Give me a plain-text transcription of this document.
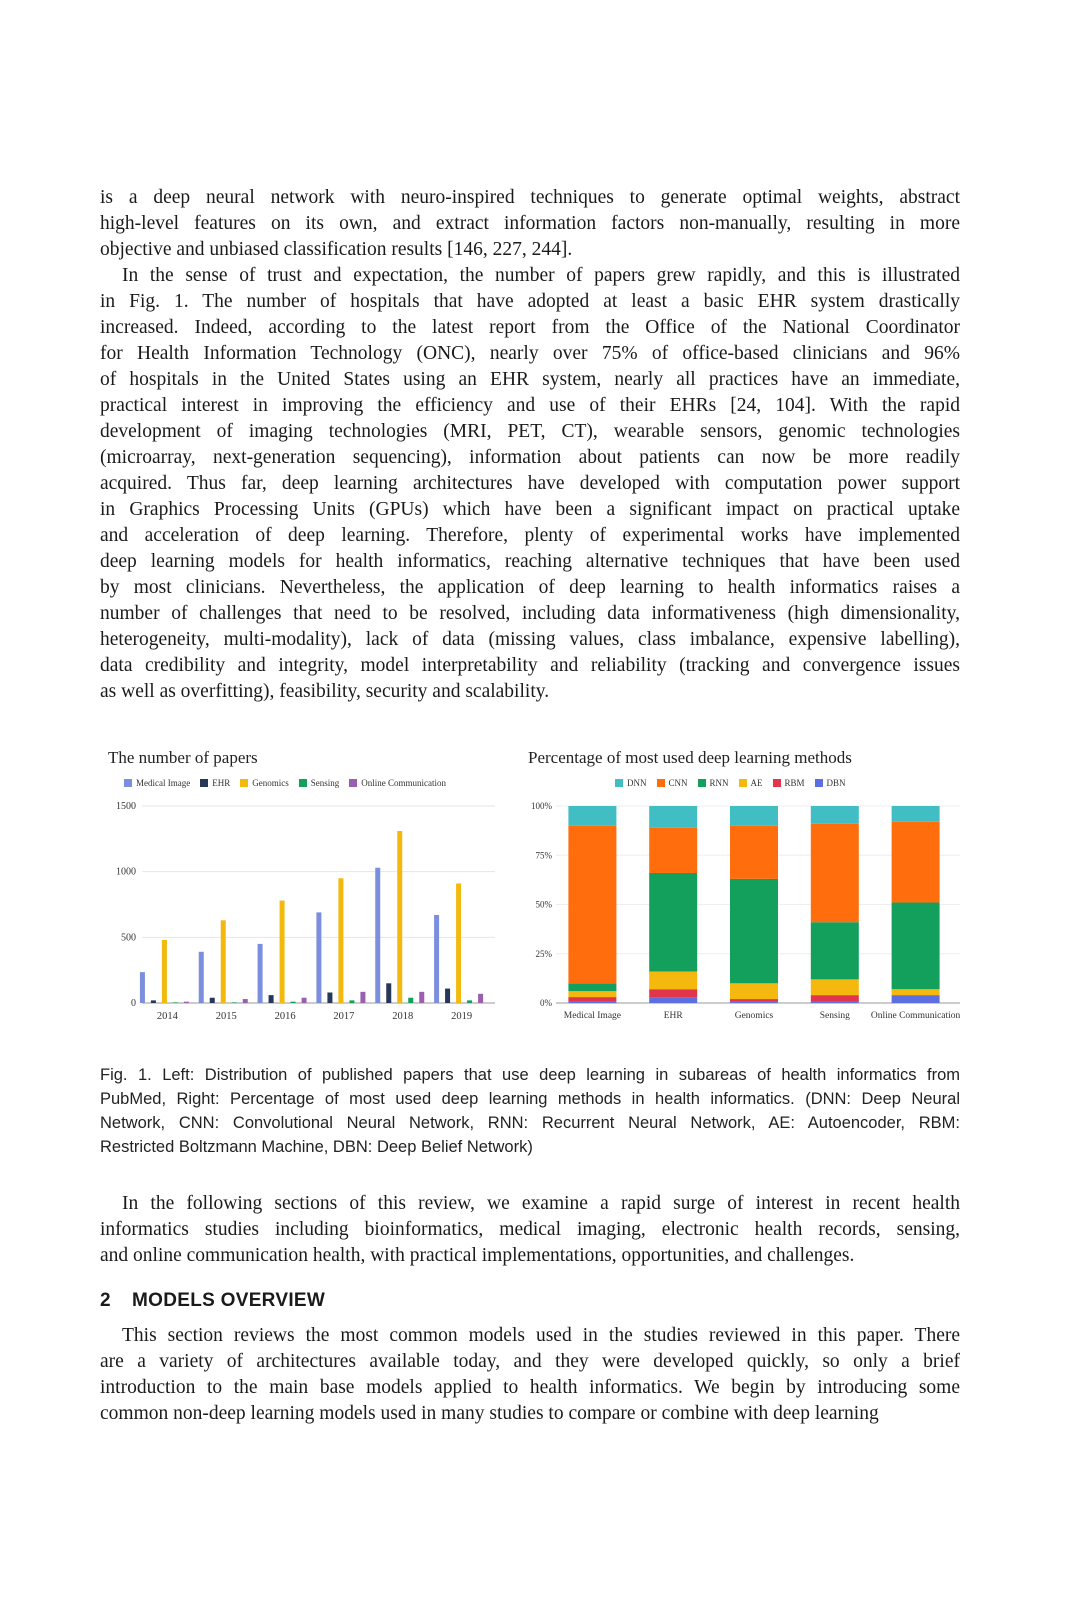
is a deep neural network with neuro-inspired techniques to generate optimal weights, abstract
high-level features on its own, and extract information factors non-manually, resulting in more
objective and unbiased classification results [146, 227, 244].

In the sense of trust and expectation, the number of papers grew rapidly, and this is illustrated
in Fig. 1. The number of hospitals that have adopted at least a basic EHR system drastically
increased. Indeed, according to the latest report from the Office of the National Coordinator
for Health Information Technology (ONC), nearly over 75% of office-based clinicians and 96%
of hospitals in the United States using an EHR system, nearly all practices have an immediate,
practical interest in improving the efficiency and use of their EHRs [24, 104]. With the rapid
development of imaging technologies (MRI, PET, CT), wearable sensors, genomic technologies
(microarray, next-generation sequencing), information about patients can now be more readily
acquired. Thus far, deep learning architectures have developed with computation power support
in Graphics Processing Units (GPUs) which have been a significant impact on practical uptake
and acceleration of deep learning. Therefore, plenty of experimental works have implemented
deep learning models for health informatics, reaching alternative techniques that have been used
by most clinicians. Nevertheless, the application of deep learning to health informatics raises a
number of challenges that need to be resolved, including data informativeness (high dimensionality,
heterogeneity, multi-modality), lack of data (missing values, class imbalance, expensive labelling),
data credibility and integrity, model interpretability and reliability (tracking and convergence issues
as well as overfitting), feasibility, security and scalability.

The number of papers
Medical Image EHR Genomics Sensing Online Communication
0
500
1000
1500
2014	2015	2016	2017	2018	2019
Percentage of most used deep learning methods
DNN CNN RNN AE RBM DBN
0%
25%
50%
75%
100%
Medical Image	EHR	Genomics	Sensing Online Communication
Fig. 1. Left: Distribution of published papers that use deep learning in subareas of health informatics from
PubMed, Right: Percentage of most used deep learning methods in health informatics. (DNN: Deep Neural
Network, CNN: Convolutional Neural Network, RNN: Recurrent Neural Network, AE: Autoencoder, RBM:
Restricted Boltzmann Machine, DBN: Deep Belief Network)

In the following sections of this review, we examine a rapid surge of interest in recent health
informatics studies including bioinformatics, medical imaging, electronic health records, sensing,
and online communication health, with practical implementations, opportunities, and challenges.

2 MODELS OVERVIEW

This section reviews the most common models used in the studies reviewed in this paper. There
are a variety of architectures available today, and they were developed quickly, so only a brief
introduction to the main base models applied to health informatics. We begin by introducing some
common non-deep learning models used in many studies to compare or combine with deep learning
